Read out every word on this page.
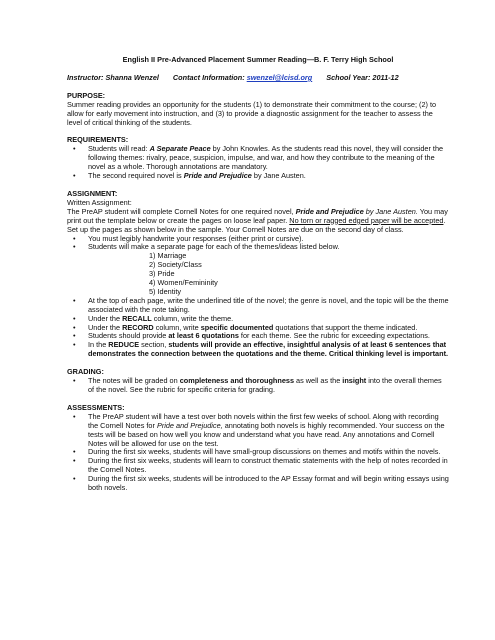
English II Pre-Advanced Placement Summer Reading—B. F. Terry High School
Instructor: Shanna Wenzel Contact Information: swenzel@lcisd.org School Year: 2011-12
PURPOSE:

Summer reading provides an opportunity for the students (1) to demonstrate their commitment to the course; (2) to allow for early movement into instruction, and (3) to provide a diagnostic assignment for the teacher to assess the level of critical thinking of the students.

REQUIREMENTS:
• Students will read: A Separate Peace by John Knowles. As the students read this novel, they will consider the following themes: rivalry, peace, suspicion, impulse, and war, and how they contribute to the meaning of the novel as a whole. Thorough annotations are mandatory.
• The second required novel is Pride and Prejudice by Jane Austen.
ASSIGNMENT:
Written Assignment:

The PreAP student will complete Cornell Notes for one required novel, Pride and Prejudice by Jane Austen. You may print out the template below or create the pages on loose leaf paper. No torn or ragged edged paper will be accepted. Set up the pages as shown below in the sample. Your Cornell Notes are due on the second day of class.

• You must legibly handwrite your responses (either print or cursive).
• Students will make a separate page for each of the themes/ideas listed below.
1) Marriage
2) Society/Class
3) Pride
4) Women/Femininity
5) Identity
• At the top of each page, write the underlined title of the novel; the genre is novel, and the topic will be the theme associated with the note taking.
• Under the RECALL column, write the theme.
• Under the RECORD column, write specific documented quotations that support the theme indicated.
• Students should provide at least 6 quotations for each theme. See the rubric for exceeding expectations.
• In the REDUCE section, students will provide an effective, insightful analysis of at least 6 sentences that demonstrates the connection between the quotations and the theme. Critical thinking level is important.
GRADING:
• The notes will be graded on completeness and thoroughness as well as the insight into the overall themes of the novel. See the rubric for specific criteria for grading.
ASSESSMENTS:
• The PreAP student will have a test over both novels within the first few weeks of school. Along with recording the Cornell Notes for Pride and Prejudice, annotating both novels is highly recommended. Your success on the tests will be based on how well you know and understand what you have read. Any annotations and Cornell Notes will be allowed for use on the test.
• During the first six weeks, students will have small-group discussions on themes and motifs within the novels.
• During the first six weeks, students will learn to construct thematic statements with the help of notes recorded in the Cornell Notes.
• During the first six weeks, students will be introduced to the AP Essay format and will begin writing essays using both novels.
